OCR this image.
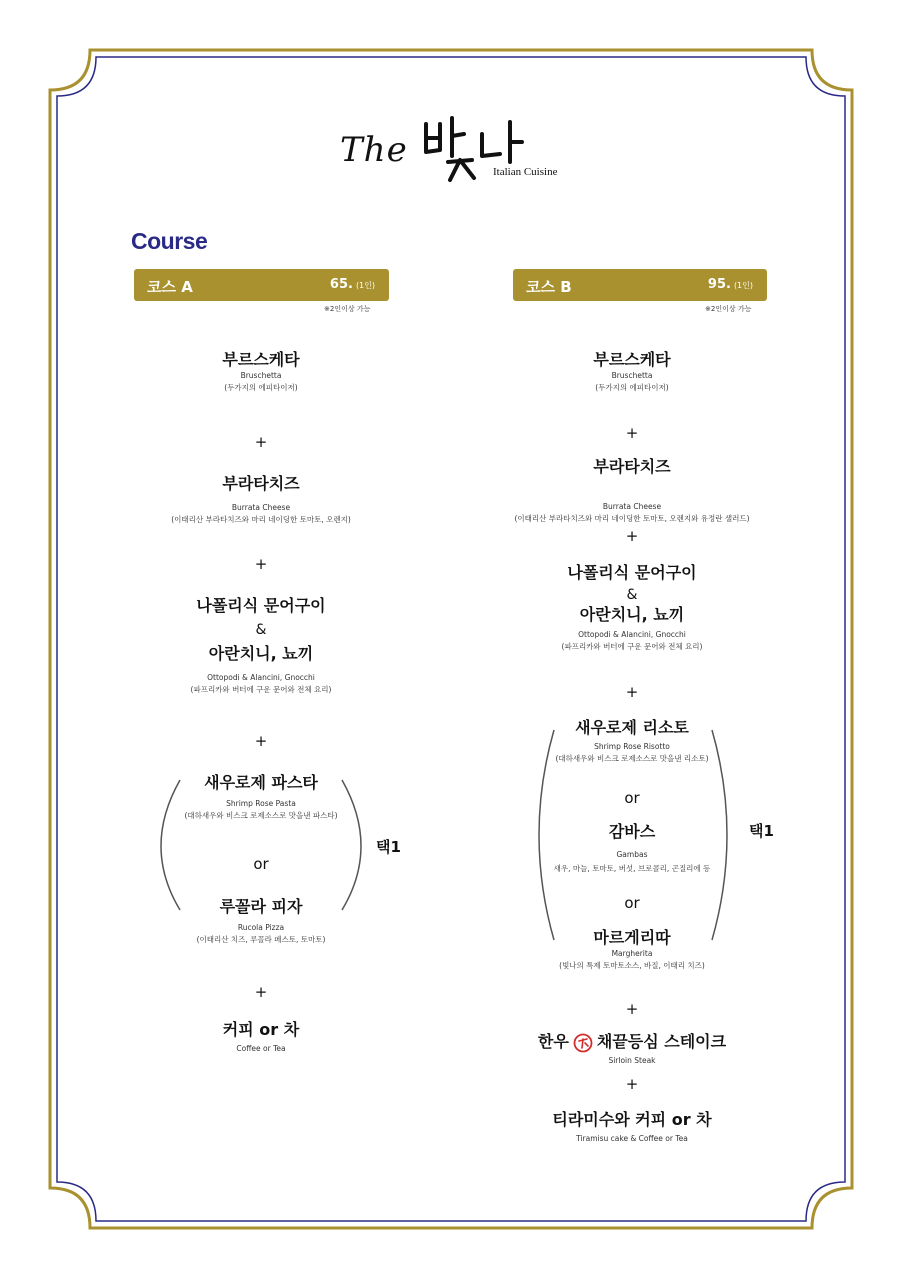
The
Italian Cuisine
Course
코스 A	65. (1인)
※2인이상 가능
코스 B	95. (1인)
※2인이상 가능
부르스케타
Bruschetta
(두가지의 에피타이저)
+
부라타치즈
Burrata Cheese
(이태리산 부라타치즈와 마리 네이딩한 토마토, 오렌지)
+
나폴리식 문어구이
&
아란치니, 뇨끼
Ottopodi & Alancini, Gnocchi
(파프리카와 버터에 구운 문어와 전체 요리)
+
새우로제 파스타
Shrimp Rose Pasta
(대하새우와 비스크 로제소스로 맛을낸 파스타)
or
루꼴라 피자
Rucola Pizza
(이태리산 치즈, 루꼴라 페스토, 토마토)
+
커피 or 차
Coffee or Tea
택1
부르스케타
Bruschetta
(두가지의 에피타이저)
+
부라타치즈
Burrata Cheese
(이태리산 부라타치즈와 마리 네이딩한 토마토, 오렌지와 유정란 샐러드)
+
나폴리식 문어구이
&
아란치니, 뇨끼
Ottopodi & Alancini, Gnocchi
(파프리카와 버터에 구운 문어와 전체 요리)
+
새우로제 리소토
Shrimp Rose Risotto
(대하새우와 비스크 로제소스로 맛을낸 리소토)
or
감바스
Gambas
새우, 마늘, 토마토, 버섯, 브로콜리, 곤질리에 등
or
마르게리따
Margherita
(빛나의 특제 토마토소스, 바질, 이태리 치즈)
+
한우 채끝등심 스테이크
Sirloin Steak
+
티라미수와 커피 or 차
Tiramisu cake & Coffee or Tea
택1
